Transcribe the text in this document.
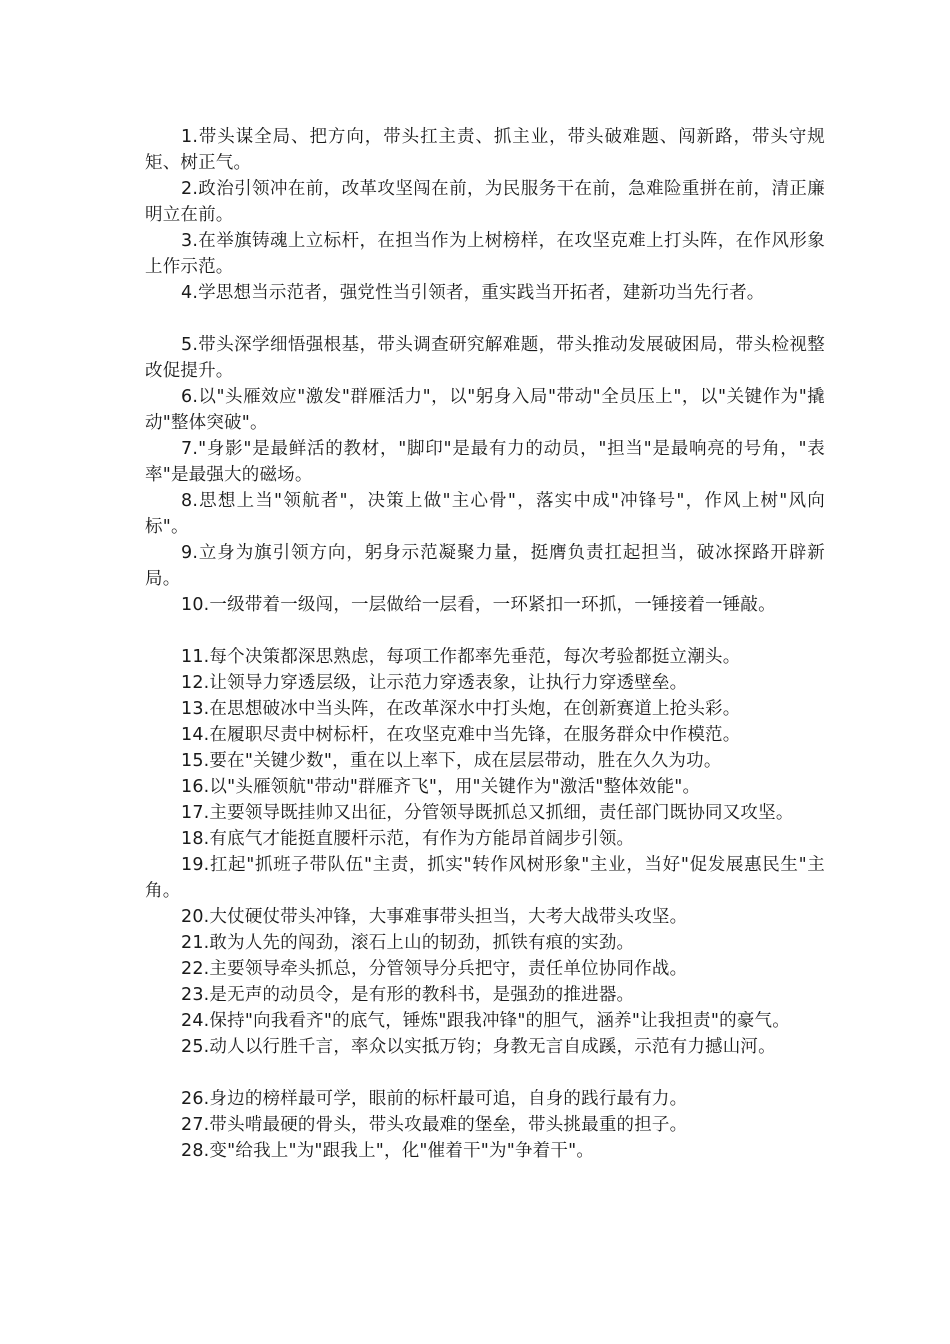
1.带头谋全局、把方向，带头扛主责、抓主业，带头破难题、闯新路，带头守规矩、树正气。

2.政治引领冲在前，改革攻坚闯在前，为民服务干在前，急难险重拼在前，清正廉明立在前。

3.在举旗铸魂上立标杆，在担当作为上树榜样，在攻坚克难上打头阵，在作风形象上作示范。

4.学思想当示范者，强党性当引领者，重实践当开拓者，建新功当先行者。

5.带头深学细悟强根基，带头调查研究解难题，带头推动发展破困局，带头检视整改促提升。

6.以"头雁效应"激发"群雁活力"，以"躬身入局"带动"全员压上"，以"关键作为"撬动"整体突破"。

7."身影"是最鲜活的教材，"脚印"是最有力的动员，"担当"是最响亮的号角，"表率"是最强大的磁场。

8.思想上当"领航者"，决策上做"主心骨"，落实中成"冲锋号"，作风上树"风向标"。

9.立身为旗引领方向，躬身示范凝聚力量，挺膺负责扛起担当，破冰探路开辟新局。

10.一级带着一级闯，一层做给一层看，一环紧扣一环抓，一锤接着一锤敲。

11.每个决策都深思熟虑，每项工作都率先垂范，每次考验都挺立潮头。

12.让领导力穿透层级，让示范力穿透表象，让执行力穿透壁垒。

13.在思想破冰中当头阵，在改革深水中打头炮，在创新赛道上抢头彩。

14.在履职尽责中树标杆，在攻坚克难中当先锋，在服务群众中作模范。

15.要在"关键少数"，重在以上率下，成在层层带动，胜在久久为功。

16.以"头雁领航"带动"群雁齐飞"，用"关键作为"激活"整体效能"。

17.主要领导既挂帅又出征，分管领导既抓总又抓细，责任部门既协同又攻坚。

18.有底气才能挺直腰杆示范，有作为方能昂首阔步引领。

19.扛起"抓班子带队伍"主责，抓实"转作风树形象"主业，当好"促发展惠民生"主角。

20.大仗硬仗带头冲锋，大事难事带头担当，大考大战带头攻坚。

21.敢为人先的闯劲，滚石上山的韧劲，抓铁有痕的实劲。

22.主要领导牵头抓总，分管领导分兵把守，责任单位协同作战。

23.是无声的动员令，是有形的教科书，是强劲的推进器。

24.保持"向我看齐"的底气，锤炼"跟我冲锋"的胆气，涵养"让我担责"的豪气。

25.动人以行胜千言，率众以实抵万钧；身教无言自成蹊，示范有力撼山河。

26.身边的榜样最可学，眼前的标杆最可追，自身的践行最有力。

27.带头啃最硬的骨头，带头攻最难的堡垒，带头挑最重的担子。

28.变"给我上"为"跟我上"，化"催着干"为"争着干"。
